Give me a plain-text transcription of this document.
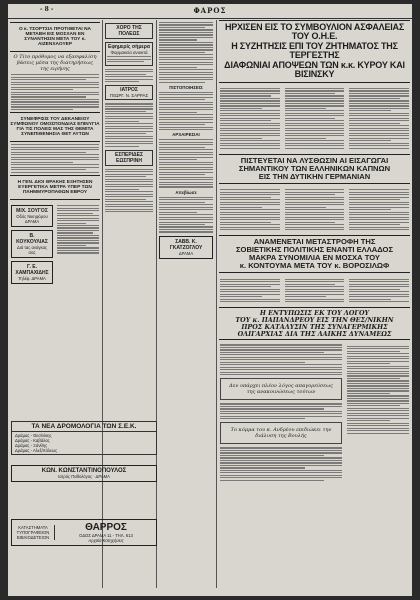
- 8 -	ΦΑΡΟΣ

Ο κ. ΤΣΟΡΤΣΙΛ ΠΡΟΤΙΘΕΤΑΙ ΝΑ ΜΕΤΑΒΗ ΕΙΣ ΜΟΣΧΑΝ ΕΝ ΣΥΝΑΝΤΗΣΙΝ ΜΕΤΑ ΤΟΥ κ. ΑΙΖΕΝΧΑΟΥΕΡ

Ο Τίτο πρόθυμος να εξασφαλίση βάσεις μέσα της διατηρήσεως της ειρήνης

ΣΥΝΕΦΡΙΣΙΣ ΤΟΥ ΔΕΚΑΝΕΙΟΥ ΣΥΜΦΩΝΟΥ ΟΜΟΣΠΟΝΔΙΑΣ ΕΠΙΝΥΓΙΑ ΓΙΑ ΤΙΣ ΠΟΛΕΙΣ ΜΑΣ ΤΗΣ ΘΕΜΙΤΑ ΣΥΝΕΠΙΘΕΝΗΣΙΑ ΘΕΤ ΑΥΤΩΝ

Η ΓΕΝ. ΔΙΟΙ ΘΡΑΚΗΣ ΕΞΗΤΗΣΕΝ ΕΥΕΡΓΕΤΙΚΑ ΜΕΤΡΑ ΥΠΕΡ ΤΩΝ ΠΛΗΜΜΥΡΟΠΑΘΩΝ ΕΒΡΟΥ

ΜΙΧ. ΣΟΥΓΟΣ
Οδός Νικηφόρου ΔΡΑΜΑ
Β. ΚΟΥΚΟΥΛΙΑΣ
Διά τας ανάγκας σας
Γ. Ε. ΧΑΜΠΑΧΙΔΗΣ
Τηλέφ. ΔΡΑΜΑ
ΧΟΡΟ ΤΗΣ ΠΟΛΕΩΣ
Εφημερίς σήμερα
Φαρμακεία ανοικτά
ΙΑΤΡΟΣ
ΓΕΩΡΓ. Ν. ΣΑΡΡΑΣ
ΕΣΠΕΡΙΔΕΣ ΕΩΣΠΡΙΝΗ
ΤΑ ΝΕΑ ΔΡΟΜΟΛΟΓΙΑ ΤΩΝ Σ.Ε.Κ.
Δράμας - Θεσ/νίκης
Δράμας - Καβάλας
Δράμας - Ξάνθης
Δράμας - Αλεξ/πόλεως
ΚΩΝ. ΚΩΝΣΤΑΝΤΙΝΟΠΟΥΛΟΣ
Ιατρός Παθολόγος · ΔΡΑΜΑ
ΚΑΤΑΣΤΗΜΑΤΑ ΤΥΠΟΓΡΑΦΕΙΟΝ ΒΙΒΛΙΟΔΕΤΕΙΟΝ
ΘΑΡΡΟΣ
ΟΔΟΣ ΔΡΑΜΑ 11 - ΤΗΛ. 613
Αρχαία Κατηχήσεις
ΠΙΣΤΟΠΟΙΗΣΕΙΣ
ΑΡΧΑΙΡΕΣΙΑΙ
Απεβίωσε
ΣΑΒΒ. Κ. ΓΚΑΤΖΟΓΛΟΥ
ΔΡΑΜΑ

ΗΡΧΙΣΕΝ ΕΙΣ ΤΟ ΣΥΜΒΟΥΛΙΟΝ ΑΣΦΑΛΕΙΑΣ ΤΟΥ Ο.Η.Ε.

Η ΣΥΖΗΤΗΣΙΣ ΕΠΙ ΤΟΥ ΖΗΤΗΜΑΤΟΣ ΤΗΣ ΤΕΡΓΕΣΤΗΣ

ΔΙΑΦΩΝΙΑΙ ΑΠΟΨΕΩΝ ΤΩΝ κ.κ. ΚΥΡΟΥ ΚΑΙ ΒΙΣΙΝΣΚΥ

ΠΙΣΤΕΥΕΤΑΙ ΝΑ ΛΥΣΘΩΣΙΝ ΑΙ ΕΙΣΑΓΩΓΑΙ

ΣΗΜΑΝΤΙΚΟΥ ΤΩΝ ΕΛΛΗΝΙΚΩΝ ΚΑΠΝΩΝ

ΕΙΣ ΤΗΝ ΔΥΤΙΚΗΝ ΓΕΡΜΑΝΙΑΝ

ΑΝΑΜΕΝΕΤΑΙ ΜΕΤΑΣΤΡΟΦΗ ΤΗΣ

ΣΟΒΙΕΤΙΚΗΣ ΠΟΛΙΤΙΚΗΣ ΕΝΑΝΤΙ ΕΛΛΑΔΟΣ

ΜΑΚΡΑ ΣΥΝΟΜΙΛΙΑ ΕΝ ΜΟΣΧΑ ΤΟΥ

κ. ΚΟΝΤΟΥΜΑ ΜΕΤΑ ΤΟΥ κ. ΒΟΡΟΣΙΛΩΦ

Η ΕΝΤΥΠΩΣΙΣ ΕΚ ΤΟΥ ΛΟΓΟΥ

ΤΟΥ κ. ΠΑΠΑΝΔΡΕΟΥ ΕΙΣ ΤΗΝ ΘΕΣ/ΝΙΚΗΝ

ΠΡΟΣ ΚΑΤΑΛΥΣΙΝ ΤΗΣ ΣΥΝΑΓΕΡΜΙΚΗΣ

ΟΛΙΓΑΡΧΙΑΣ ΔΙΑ ΤΗΣ ΛΑΙΚΗΣ ΔΥΝΑΜΕΩΣ

Δεν υπάρχει πλέον λόγος απαγορεύσεως της ανακοινώσεως τούτων

Το κόμμα του κ. Ανδρέου επιδιώκει την διάλυση της Βουλής
